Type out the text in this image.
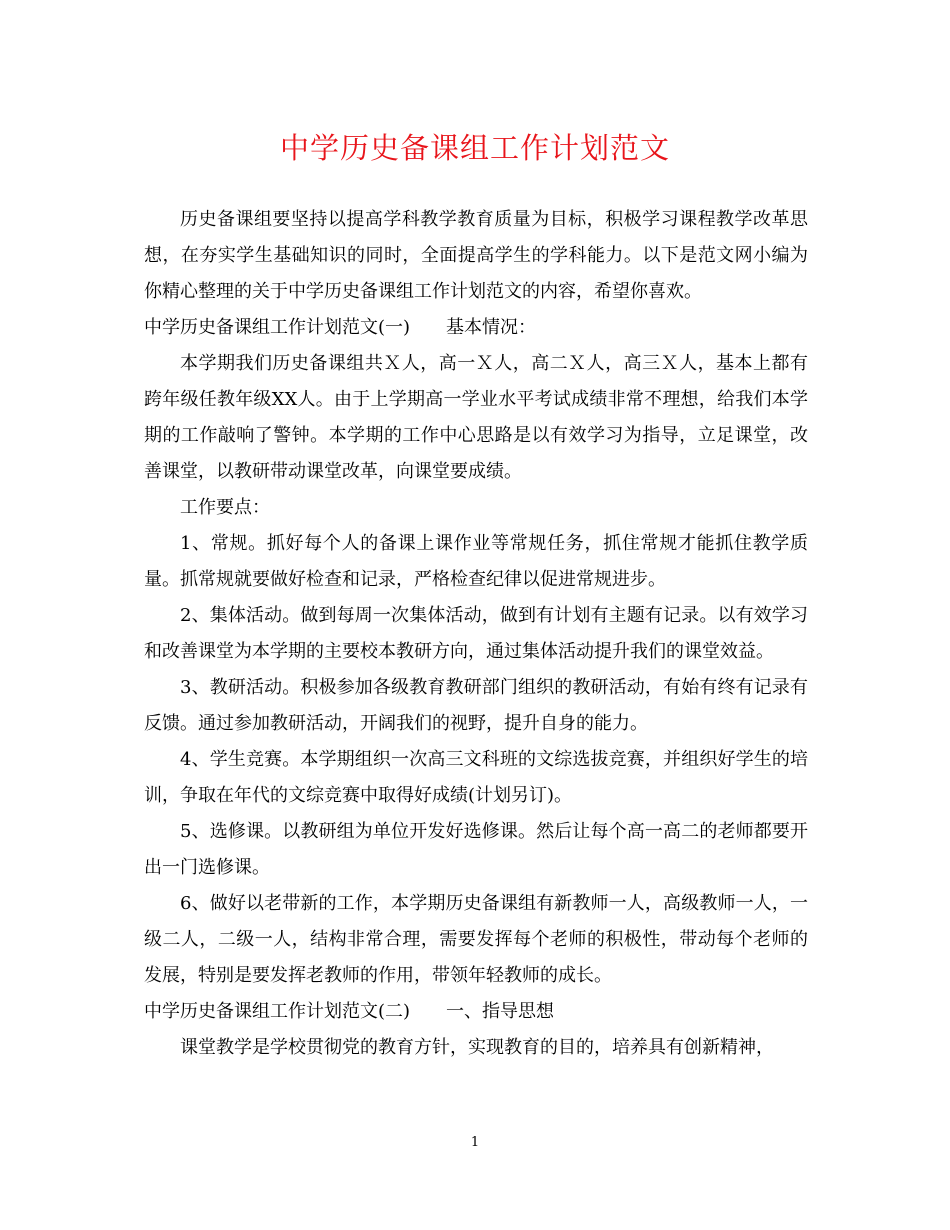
中学历史备课组工作计划范文

历史备课组要坚持以提高学科教学教育质量为目标，积极学习课程教学改革思想，在夯实学生基础知识的同时，全面提高学生的学科能力。以下是范文网小编为你精心整理的关于中学历史备课组工作计划范文的内容，希望你喜欢。

中学历史备课组工作计划范文(一) 基本情况：

本学期我们历史备课组共Ｘ人，高一Ｘ人，高二Ｘ人，高三Ｘ人，基本上都有跨年级任教年级XX人。由于上学期高一学业水平考试成绩非常不理想，给我们本学期的工作敲响了警钟。本学期的工作中心思路是以有效学习为指导，立足课堂，改善课堂，以教研带动课堂改革，向课堂要成绩。

工作要点：

1、常规。抓好每个人的备课上课作业等常规任务，抓住常规才能抓住教学质量。抓常规就要做好检查和记录，严格检查纪律以促进常规进步。

2、集体活动。做到每周一次集体活动，做到有计划有主题有记录。以有效学习和改善课堂为本学期的主要校本教研方向，通过集体活动提升我们的课堂效益。

3、教研活动。积极参加各级教育教研部门组织的教研活动，有始有终有记录有反馈。通过参加教研活动，开阔我们的视野，提升自身的能力。

4、学生竞赛。本学期组织一次高三文科班的文综选拔竞赛，并组织好学生的培训，争取在年代的文综竞赛中取得好成绩(计划另订)。

5、选修课。以教研组为单位开发好选修课。然后让每个高一高二的老师都要开出一门选修课。

6、做好以老带新的工作，本学期历史备课组有新教师一人，高级教师一人，一级二人，二级一人，结构非常合理，需要发挥每个老师的积极性，带动每个老师的发展，特别是要发挥老教师的作用，带领年轻教师的成长。

中学历史备课组工作计划范文(二) 一、指导思想

课堂教学是学校贯彻党的教育方针，实现教育的目的，培养具有创新精神，

1
